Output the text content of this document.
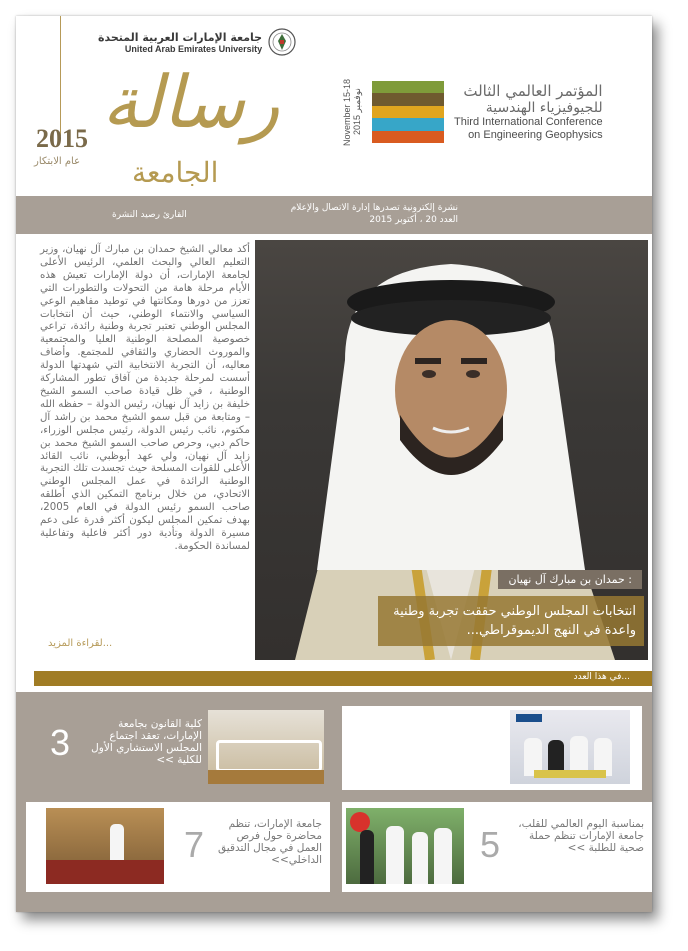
2015
عام الابتكار
جامعة الإمارات العربية المتحدة
United Arab Emirates University
رسالة
الجامعة
November 15-18 2015 نوفمبر	المؤتمر العالمي الثالث
للجيوفيزياء الهندسية
Third International Conference
on Engineering Geophysics
القارئ رصيد النشرة
نشرة إلكترونية تصدرها إدارة الاتصال والإعلام
العدد 20 ، أكتوبر 2015
أكد معالي الشيخ حمدان بن مبارك آل نهيان، وزير التعليم العالي والبحث العلمي، الرئيس الأعلى لجامعة الإمارات، أن دولة الإمارات تعيش هذه الأيام مرحلة هامة من التحولات والتطورات التي تعزز من دورها ومكانتها في توطيد مفاهيم الوعي السياسي والانتماء الوطني، حيث أن انتخابات المجلس الوطني تعتبر تجربة وطنية رائدة، تراعي خصوصية المصلحة الوطنية العليا والمجتمعية والموروث الحضاري والثقافي للمجتمع. وأضاف معاليه، أن التجربة الانتخابية التي شهدتها الدولة أسست لمرحلة جديدة من آفاق تطور المشاركة الوطنية ، في ظل قيادة صاحب السمو الشيخ خليفة بن زايد آل نهيان، رئيس الدولة – حفظه الله – ومتابعة من قبل سمو الشيخ محمد بن راشد آل مكتوم، نائب رئيس الدولة، رئيس مجلس الوزراء، حاكم دبي، وحرص صاحب السمو الشيخ محمد بن زايد آل نهيان، ولي عهد أبوظبي، نائب القائد الأعلى للقوات المسلحة حيث تجسدت تلك التجربة الوطنية الرائدة في عمل المجلس الوطني الاتحادي، من خلال برنامج التمكين الذي أطلقه صاحب السمو رئيس الدولة في العام 2005، بهدف تمكين المجلس ليكون أكثر قدرة على دعم مسيرة الدولة وتأدية دور أكثر فاعلية وتفاعلية لمساندة الحكومة.
لقراءة المزيد...
حمدان بن مبارك آل نهيان :
انتخابات المجلس الوطني حققت تجربة وطنية واعدة في النهج الديموقراطي...
في هذا العدد...
2	توقيع اتفاقية تفاهم مشتركة مع مجلس أبوظبي للتعليم >>
3	كلية القانون بجامعة الإمارات، تعقد اجتماع المجلس الاستشاري الأول للكلية >>
5	بمناسبة اليوم العالمي للقلب، جامعة الإمارات تنظم حملة صحية للطلبة >>
7	جامعة الإمارات، تنظم محاضرة حول فرص العمل في مجال التدقيق الداخلي>>
